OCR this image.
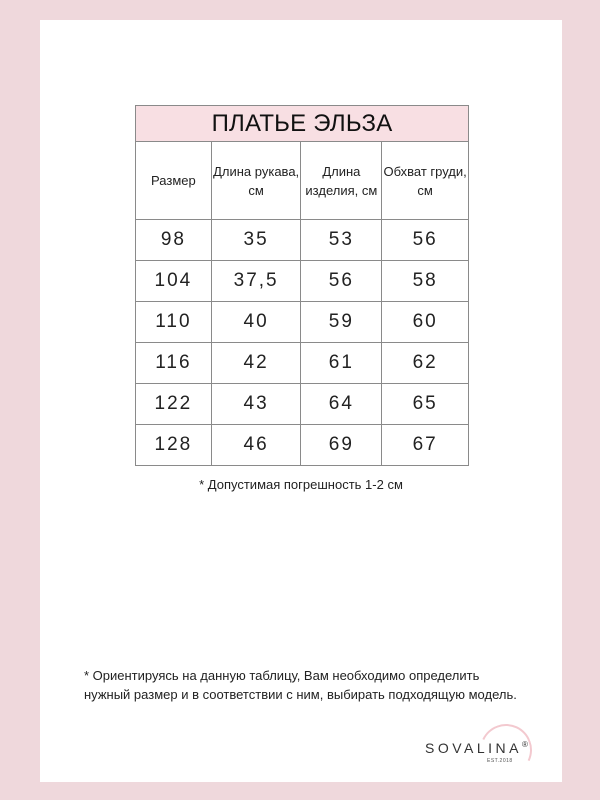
ПЛАТЬЕ ЭЛЬЗА			
Размер	Длина рукава, см	Длина изделия, см	Обхват груди, см
98	35	53	56
104	37,5	56	58
110	40	59	60
116	42	61	62
122	43	64	65
128	46	69	67
* Допустимая погрешность 1-2 см
* Ориентируясь на данную таблицу, Вам необходимо определить нужный размер и в соответствии с ним, выбирать подходящую модель.
SOVALINA®
EST.2018
